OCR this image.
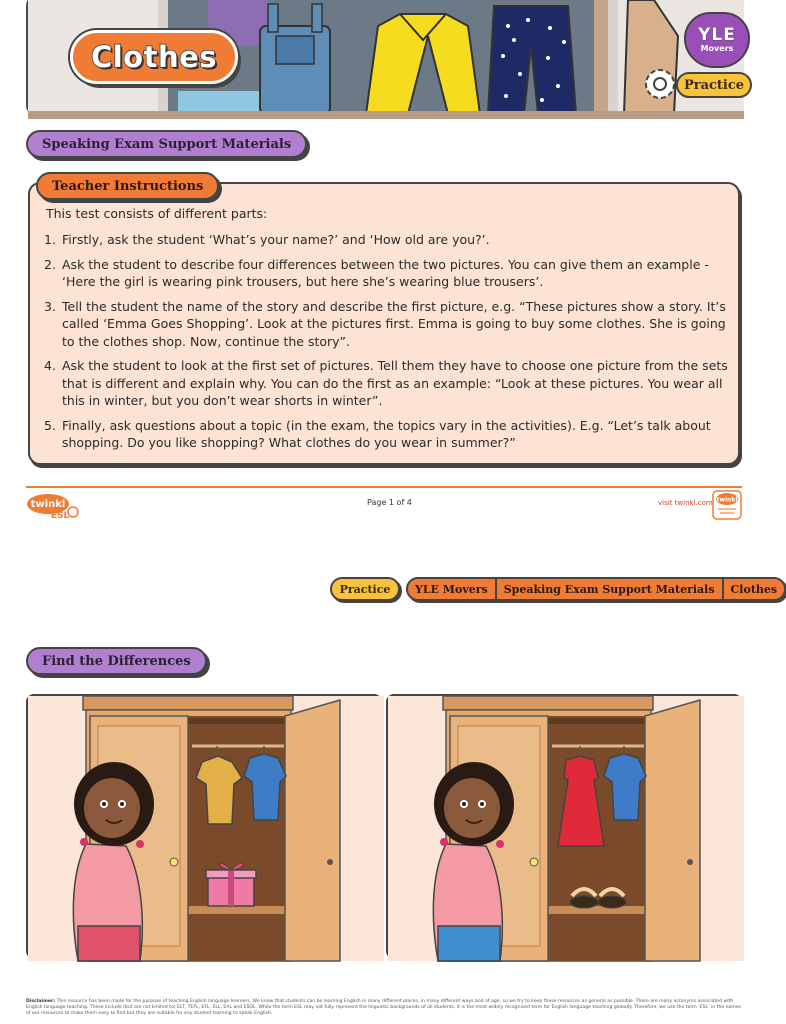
Clothes
YLE
Movers
Practice
Speaking Exam Support Materials
Teacher Instructions
This test consists of different parts:
1. Firstly, ask the student ‘What’s your name?’ and ‘How old are you?’.
2. Ask the student to describe four differences between the two pictures. You can give them an example - ‘Here the girl is wearing pink trousers, but here she’s wearing blue trousers’.
3. Tell the student the name of the story and describe the first picture, e.g. “These pictures show a story. It’s called ‘Emma Goes Shopping’. Look at the pictures first. Emma is going to buy some clothes. She is going to the clothes shop. Now, continue the story”.
4. Ask the student to look at the first set of pictures. Tell them they have to choose one picture from the sets that is different and explain why. You can do the first as an example: “Look at these pictures. You wear all this in winter, but you don’t wear shorts in winter”.
5. Finally, ask questions about a topic (in the exam, the topics vary in the activities). E.g. “Let’s talk about shopping. Do you like shopping? What clothes do you wear in summer?”
twinkl
ESL
Page 1 of 4	visit twinkl.com twinkl
Practice	YLE Movers	Speaking Exam Support Materials	Clothes
Find the Differences
Disclaimer: This resource has been made for the purpose of teaching English language learners. We know that students can be learning English in many different places, in many different ways and at age, so we try to keep these resources as general as possible. There are many acronyms associated with English language teaching. These include (but are not limited to) ELT, TEFL, EFL, ELL, EAL and ESOL. While the term ESL may not fully represent the linguistic backgrounds of all students, it is the most widely recognised term for English language teaching globally. Therefore, we use the term ‘ESL’ in the names of our resources to make them easy to find but they are suitable for any student learning to speak English.
